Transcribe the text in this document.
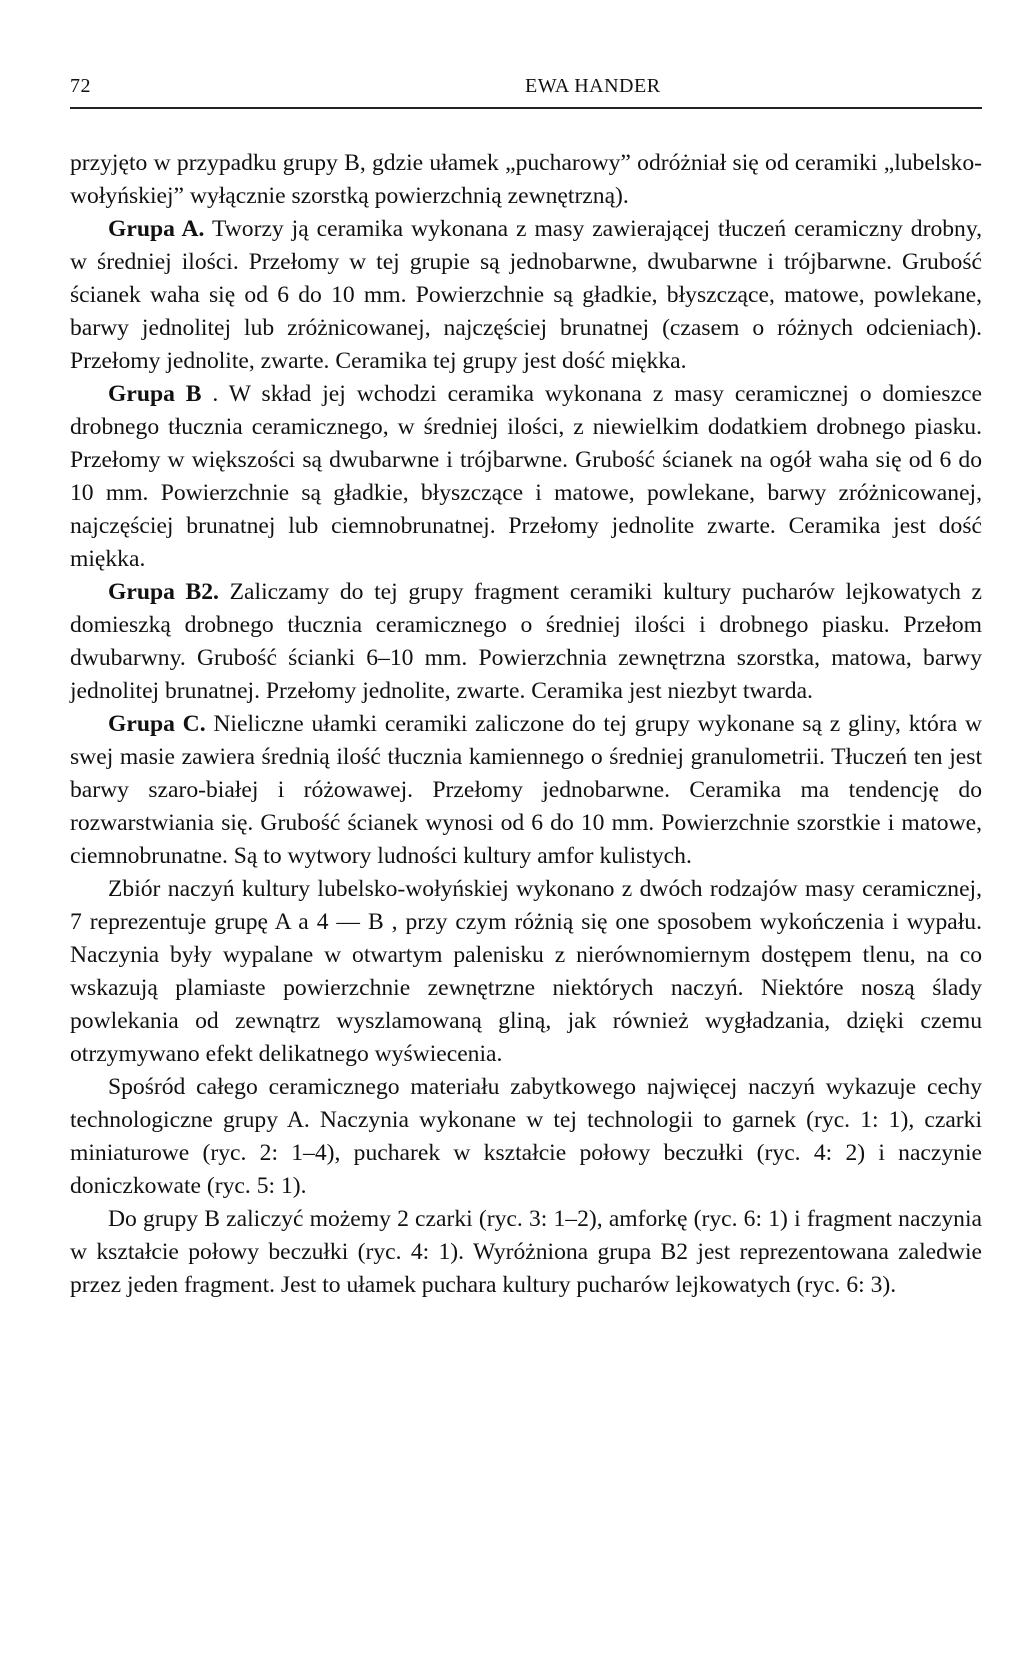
72	EWA HANDER

przyjęto w przypadku grupy B, gdzie ułamek „pucharowy” odróżniał się od ceramiki „lubelsko-wołyńskiej” wyłącznie szorstką powierzchnią zewnętrzną).

Grupa A. Tworzy ją ceramika wykonana z masy zawierającej tłuczeń ceramiczny drobny, w średniej ilości. Przełomy w tej grupie są jednobarwne, dwubarwne i trójbarwne. Grubość ścianek waha się od 6 do 10 mm. Powierzchnie są gładkie, błyszczące, matowe, powlekane, barwy jednolitej lub zróżnicowanej, najczęściej brunatnej (czasem o różnych odcieniach). Przełomy jednolite, zwarte. Ceramika tej grupy jest dość miękka.

Grupa B . W skład jej wchodzi ceramika wykonana z masy ceramicznej o domieszce drobnego tłucznia ceramicznego, w średniej ilości, z niewielkim dodatkiem drobnego piasku. Przełomy w większości są dwubarwne i trójbarwne. Grubość ścianek na ogół waha się od 6 do 10 mm. Powierzchnie są gładkie, błyszczące i matowe, powlekane, barwy zróżnicowanej, najczęściej brunatnej lub ciemnobrunatnej. Przełomy jednolite zwarte. Ceramika jest dość miękka.

Grupa B2. Zaliczamy do tej grupy fragment ceramiki kultury pucharów lejkowatych z domieszką drobnego tłucznia ceramicznego o średniej ilości i drobnego piasku. Przełom dwubarwny. Grubość ścianki 6–10 mm. Powierzchnia zewnętrzna szorstka, matowa, barwy jednolitej brunatnej. Przełomy jednolite, zwarte. Ceramika jest niezbyt twarda.

Grupa C. Nieliczne ułamki ceramiki zaliczone do tej grupy wykonane są z gliny, która w swej masie zawiera średnią ilość tłucznia kamiennego o średniej granulometrii. Tłuczeń ten jest barwy szaro-białej i różowawej. Przełomy jednobarwne. Ceramika ma tendencję do rozwarstwiania się. Grubość ścianek wynosi od 6 do 10 mm. Powierzchnie szorstkie i matowe, ciemnobrunatne. Są to wytwory ludności kultury amfor kulistych.

Zbiór naczyń kultury lubelsko-wołyńskiej wykonano z dwóch rodzajów masy ceramicznej, 7 reprezentuje grupę A a 4 — B , przy czym różnią się one sposobem wykończenia i wypału. Naczynia były wypalane w otwartym palenisku z nierównomiernym dostępem tlenu, na co wskazują plamiaste powierzchnie zewnętrzne niektórych naczyń. Niektóre noszą ślady powlekania od zewnątrz wyszlamowaną gliną, jak również wygładzania, dzięki czemu otrzymywano efekt delikatnego wyświecenia.

Spośród całego ceramicznego materiału zabytkowego najwięcej naczyń wykazuje cechy technologiczne grupy A. Naczynia wykonane w tej technologii to garnek (ryc. 1: 1), czarki miniaturowe (ryc. 2: 1–4), pucharek w kształcie połowy beczułki (ryc. 4: 2) i naczynie doniczkowate (ryc. 5: 1).

Do grupy B zaliczyć możemy 2 czarki (ryc. 3: 1–2), amforkę (ryc. 6: 1) i fragment naczynia w kształcie połowy beczułki (ryc. 4: 1). Wyróżniona grupa B2 jest reprezentowana zaledwie przez jeden fragment. Jest to ułamek puchara kultury pucharów lejkowatych (ryc. 6: 3).
